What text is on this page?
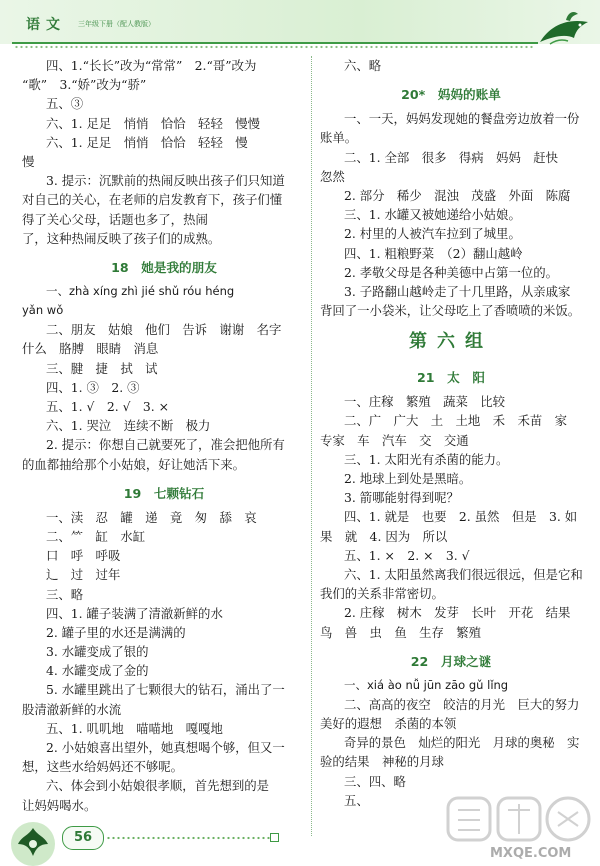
语文 三年级下册（配人教版）
四、1.“长长”改为“常常”　2.“哥”改为
“歌”　3.“娇”改为“骄”
五、③
六、1. 足足　悄悄　恰恰　轻轻　慢慢
六、1. 足足　悄悄　恰恰　轻轻　慢
慢
3. 提示：沉默前的热闹反映出孩子们只知道
对自己的关心，在老师的启发教育下，孩子们懂
得了关心父母，话题也多了，热闹
了，这种热闹反映了孩子们的成熟。
18　她是我的朋友
一、zhà xíng zhì jié shǔ róu héng
yǎn wǒ
二、朋友　姑娘　他们　告诉　谢谢　名字　
什么　胳膊　眼睛　消息
三、腱　捷　拭　试
四、1. ③　2. ③
五、1. √　2. √　3. ×
六、1. 哭泣　连续不断　极力
2. 提示：你想自己就要死了，准会把他所有
的血都抽给那个小姑娘，好让她活下来。
19　七颗钻石
一、渎　忍　罐　递　竟　匆　舔　哀
二、⺮　缸　水缸
口　呼　呼吸
辶　过　过年
三、略
四、1. 罐子装满了清澈新鲜的水
2. 罐子里的水还是满满的
3. 水罐变成了银的
4. 水罐变成了金的
5. 水罐里跳出了七颗很大的钻石，涌出了一
股清澈新鲜的水流
五、1. 叽叽地　喵喵地　嘎嘎地
2. 小姑娘喜出望外，她真想喝个够，但又一
想，这些水给妈妈还不够呢。
六、体会到小姑娘很孝顺，首先想到的是
让妈妈喝水。
六、略
20*　妈妈的账单
一、一天，妈妈发现她的餐盘旁边放着一份
账单。
二、1. 全部　很多　得病　妈妈　赶快　
忽然
2. 部分　稀少　混浊　茂盛　外面　陈腐
三、1. 水罐又被她递给小姑娘。
2. 村里的人被汽车拉到了城里。
四、1. 粗粮野菜　（2）翻山越岭
2. 孝敬父母是各种美德中占第一位的。
3. 子路翻山越岭走了十几里路，从亲戚家
背回了一小袋米，让父母吃上了香喷喷的米饭。
第六组
21　太　阳
一、庄稼　繁殖　蔬菜　比较
二、广　广大　土　土地　禾　禾苗　家　
专家　车　汽车　交　交通
三、1. 太阳光有杀菌的能力。
2. 地球上到处是黑暗。
3. 箭哪能射得到呢？
四、1. 就是　也要　2. 虽然　但是　3. 如
果　就　4. 因为　所以
五、1. ×　2. ×　3. √
六、1. 太阳虽然离我们很远很远，但是它和
我们的关系非常密切。
2. 庄稼　树木　发芽　长叶　开花　结果　
鸟　兽　虫　鱼　生存　繁殖
22　月球之谜
一、xiá ào nǚ jūn zāo gǔ lǐng
二、高高的夜空　皎洁的月光　巨大的努力　
美好的遐想　杀菌的本领
奇异的景色　灿烂的阳光　月球的奥秘　实
验的结果　神秘的月球
三、四、略
五、
56
MXQE.COM
